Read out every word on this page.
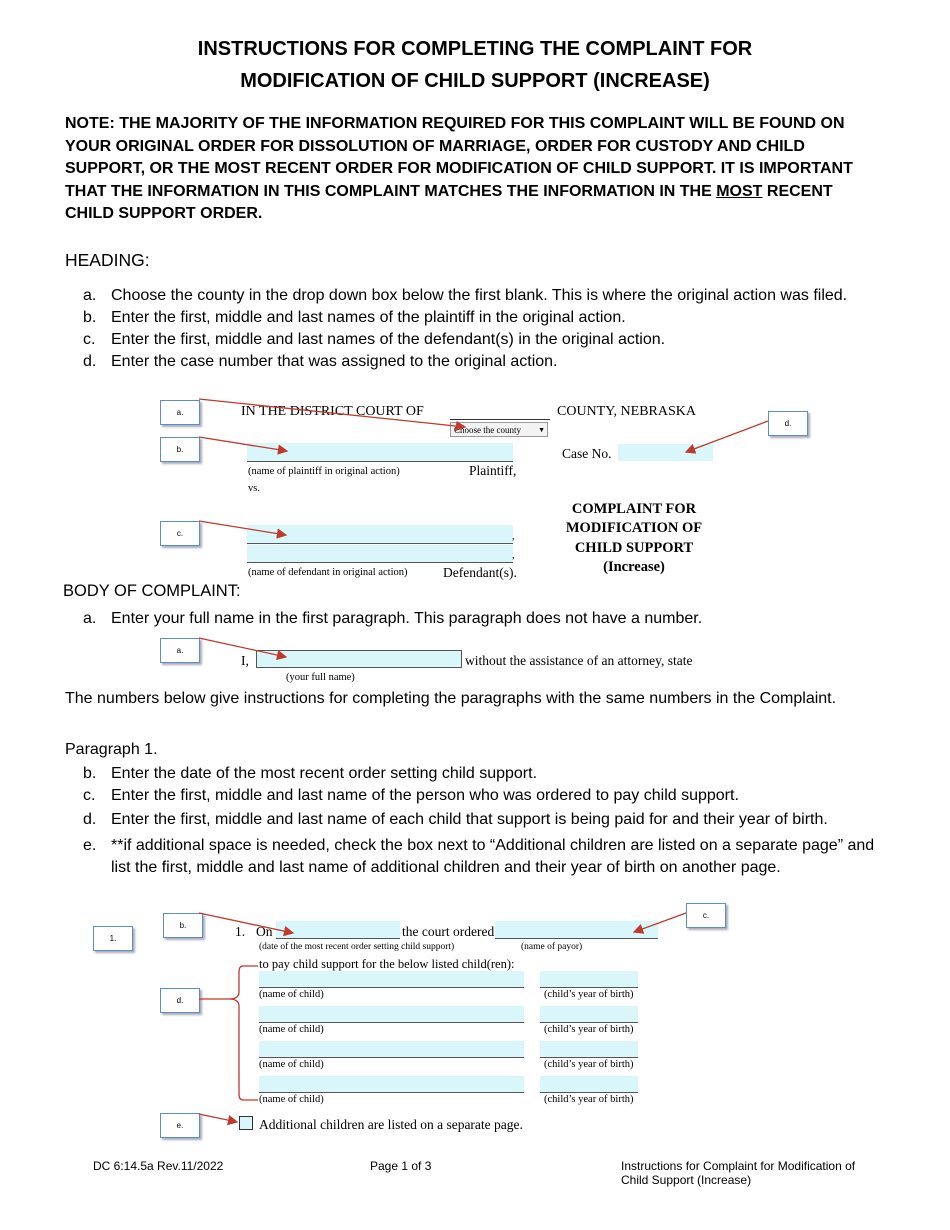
INSTRUCTIONS FOR COMPLETING THE COMPLAINT FOR
MODIFICATION OF CHILD SUPPORT (INCREASE)
NOTE: THE MAJORITY OF THE INFORMATION REQUIRED FOR THIS COMPLAINT WILL BE FOUND ON YOUR ORIGINAL ORDER FOR DISSOLUTION OF MARRIAGE, ORDER FOR CUSTODY AND CHILD SUPPORT, OR THE MOST RECENT ORDER FOR MODIFICATION OF CHILD SUPPORT. IT IS IMPORTANT THAT THE INFORMATION IN THIS COMPLAINT MATCHES THE INFORMATION IN THE MOST RECENT CHILD SUPPORT ORDER.
HEADING:
a. Choose the county in the drop down box below the first blank. This is where the original action was filed.
b. Enter the first, middle and last names of the plaintiff in the original action.
c. Enter the first, middle and last names of the defendant(s) in the original action.
d. Enter the case number that was assigned to the original action.
IN THE DISTRICT COURT OF	COUNTY, NEBRASKA
Choose the county ▼
Case No.
(name of plaintiff in original action)	Plaintiff,
vs.
,
,
(name of defendant in original action)	Defendant(s).
COMPLAINT FOR
MODIFICATION OF
CHILD SUPPORT
(Increase)
a.
b.
c.
d.
BODY OF COMPLAINT:
a. Enter your full name in the first paragraph. This paragraph does not have a number.
a.
I,	without the assistance of an attorney, state
(your full name)
The numbers below give instructions for completing the paragraphs with the same numbers in the Complaint.
Paragraph 1.
b. Enter the date of the most recent order setting child support.
c. Enter the first, middle and last name of the person who was ordered to pay child support.
d. Enter the first, middle and last name of each child that support is being paid for and their year of birth.
e. **if additional space is needed, check the box next to “Additional children are listed on a separate page” and list the first, middle and last name of additional children and their year of birth on another page.
1.
b.
c.
d.
e.
1. On	the court ordered
(date of the most recent order setting child support)	(name of payor)
to pay child support for the below listed child(ren):
(name of child)	(child’s year of birth)
(name of child)	(child’s year of birth)
(name of child)	(child’s year of birth)
(name of child)	(child’s year of birth)
Additional children are listed on a separate page.
DC 6:14.5a Rev.11/2022	Page 1 of 3	Instructions for Complaint for Modification of Child Support (Increase)
